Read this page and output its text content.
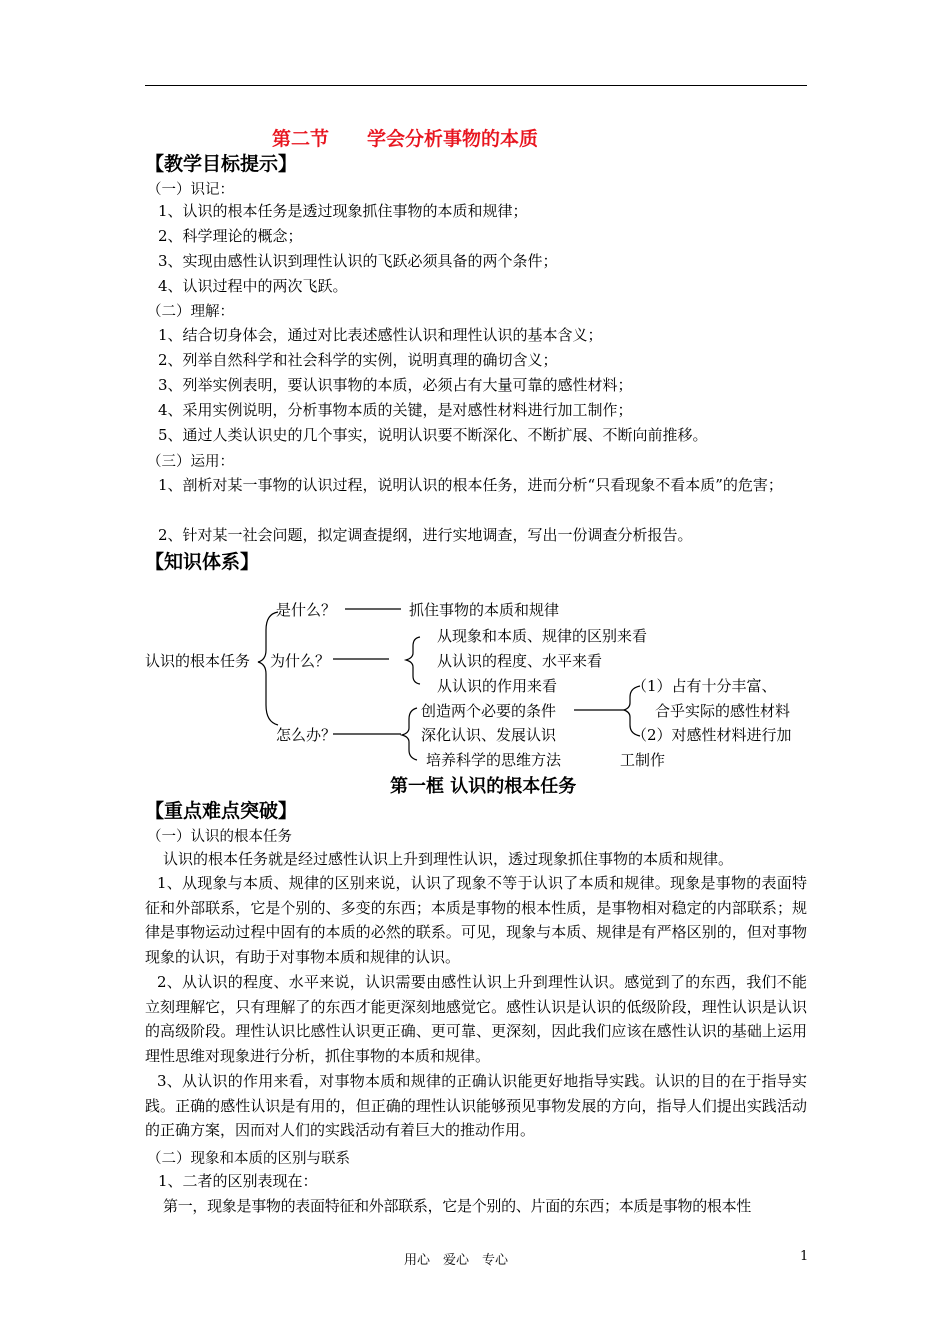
第二节　　学会分析事物的本质
【教学目标提示】
（一）识记：
1、认识的根本任务是透过现象抓住事物的本质和规律；
2、科学理论的概念；
3、实现由感性认识到理性认识的飞跃必须具备的两个条件；
4、认识过程中的两次飞跃。
（二）理解：
1、结合切身体会，通过对比表述感性认识和理性认识的基本含义；
2、列举自然科学和社会科学的实例，说明真理的确切含义；
3、列举实例表明，要认识事物的本质，必须占有大量可靠的感性材料；
4、采用实例说明，分析事物本质的关键，是对感性材料进行加工制作；
5、通过人类认识史的几个事实，说明认识要不断深化、不断扩展、不断向前推移。
（三）运用：
1、剖析对某一事物的认识过程，说明认识的根本任务，进而分析“只看现象不看本质”的危害；
2、针对某一社会问题，拟定调查提纲，进行实地调查，写出一份调查分析报告。
【知识体系】
认识的根本任务
是什么？	抓住事物的本质和规律
为什么？
从现象和本质、规律的区别来看
从认识的程度、水平来看
从认识的作用来看
怎么办？
创造两个必要的条件
深化认识、发展认识
培养科学的思维方法
（1）占有十分丰富、
合乎实际的感性材料
（2）对感性材料进行加
工制作
第一框 认识的根本任务
【重点难点突破】
（一）认识的根本任务
认识的根本任务就是经过感性认识上升到理性认识，透过现象抓住事物的本质和规律。
1、从现象与本质、规律的区别来说，认识了现象不等于认识了本质和规律。现象是事物的表面特征和外部联系，它是个别的、多变的东西；本质是事物的根本性质，是事物相对稳定的内部联系；规律是事物运动过程中固有的本质的必然的联系。可见，现象与本质、规律是有严格区别的，但对事物现象的认识，有助于对事物本质和规律的认识。
2、从认识的程度、水平来说，认识需要由感性认识上升到理性认识。感觉到了的东西，我们不能立刻理解它，只有理解了的东西才能更深刻地感觉它。感性认识是认识的低级阶段，理性认识是认识的高级阶段。理性认识比感性认识更正确、更可靠、更深刻，因此我们应该在感性认识的基础上运用理性思维对现象进行分析，抓住事物的本质和规律。
3、从认识的作用来看，对事物本质和规律的正确认识能更好地指导实践。认识的目的在于指导实践。正确的感性认识是有用的，但正确的理性认识能够预见事物发展的方向，指导人们提出实践活动的正确方案，因而对人们的实践活动有着巨大的推动作用。
（二）现象和本质的区别与联系
1、二者的区别表现在：
第一，现象是事物的表面特征和外部联系，它是个别的、片面的东西；本质是事物的根本性
用心　爱心　专心	1
